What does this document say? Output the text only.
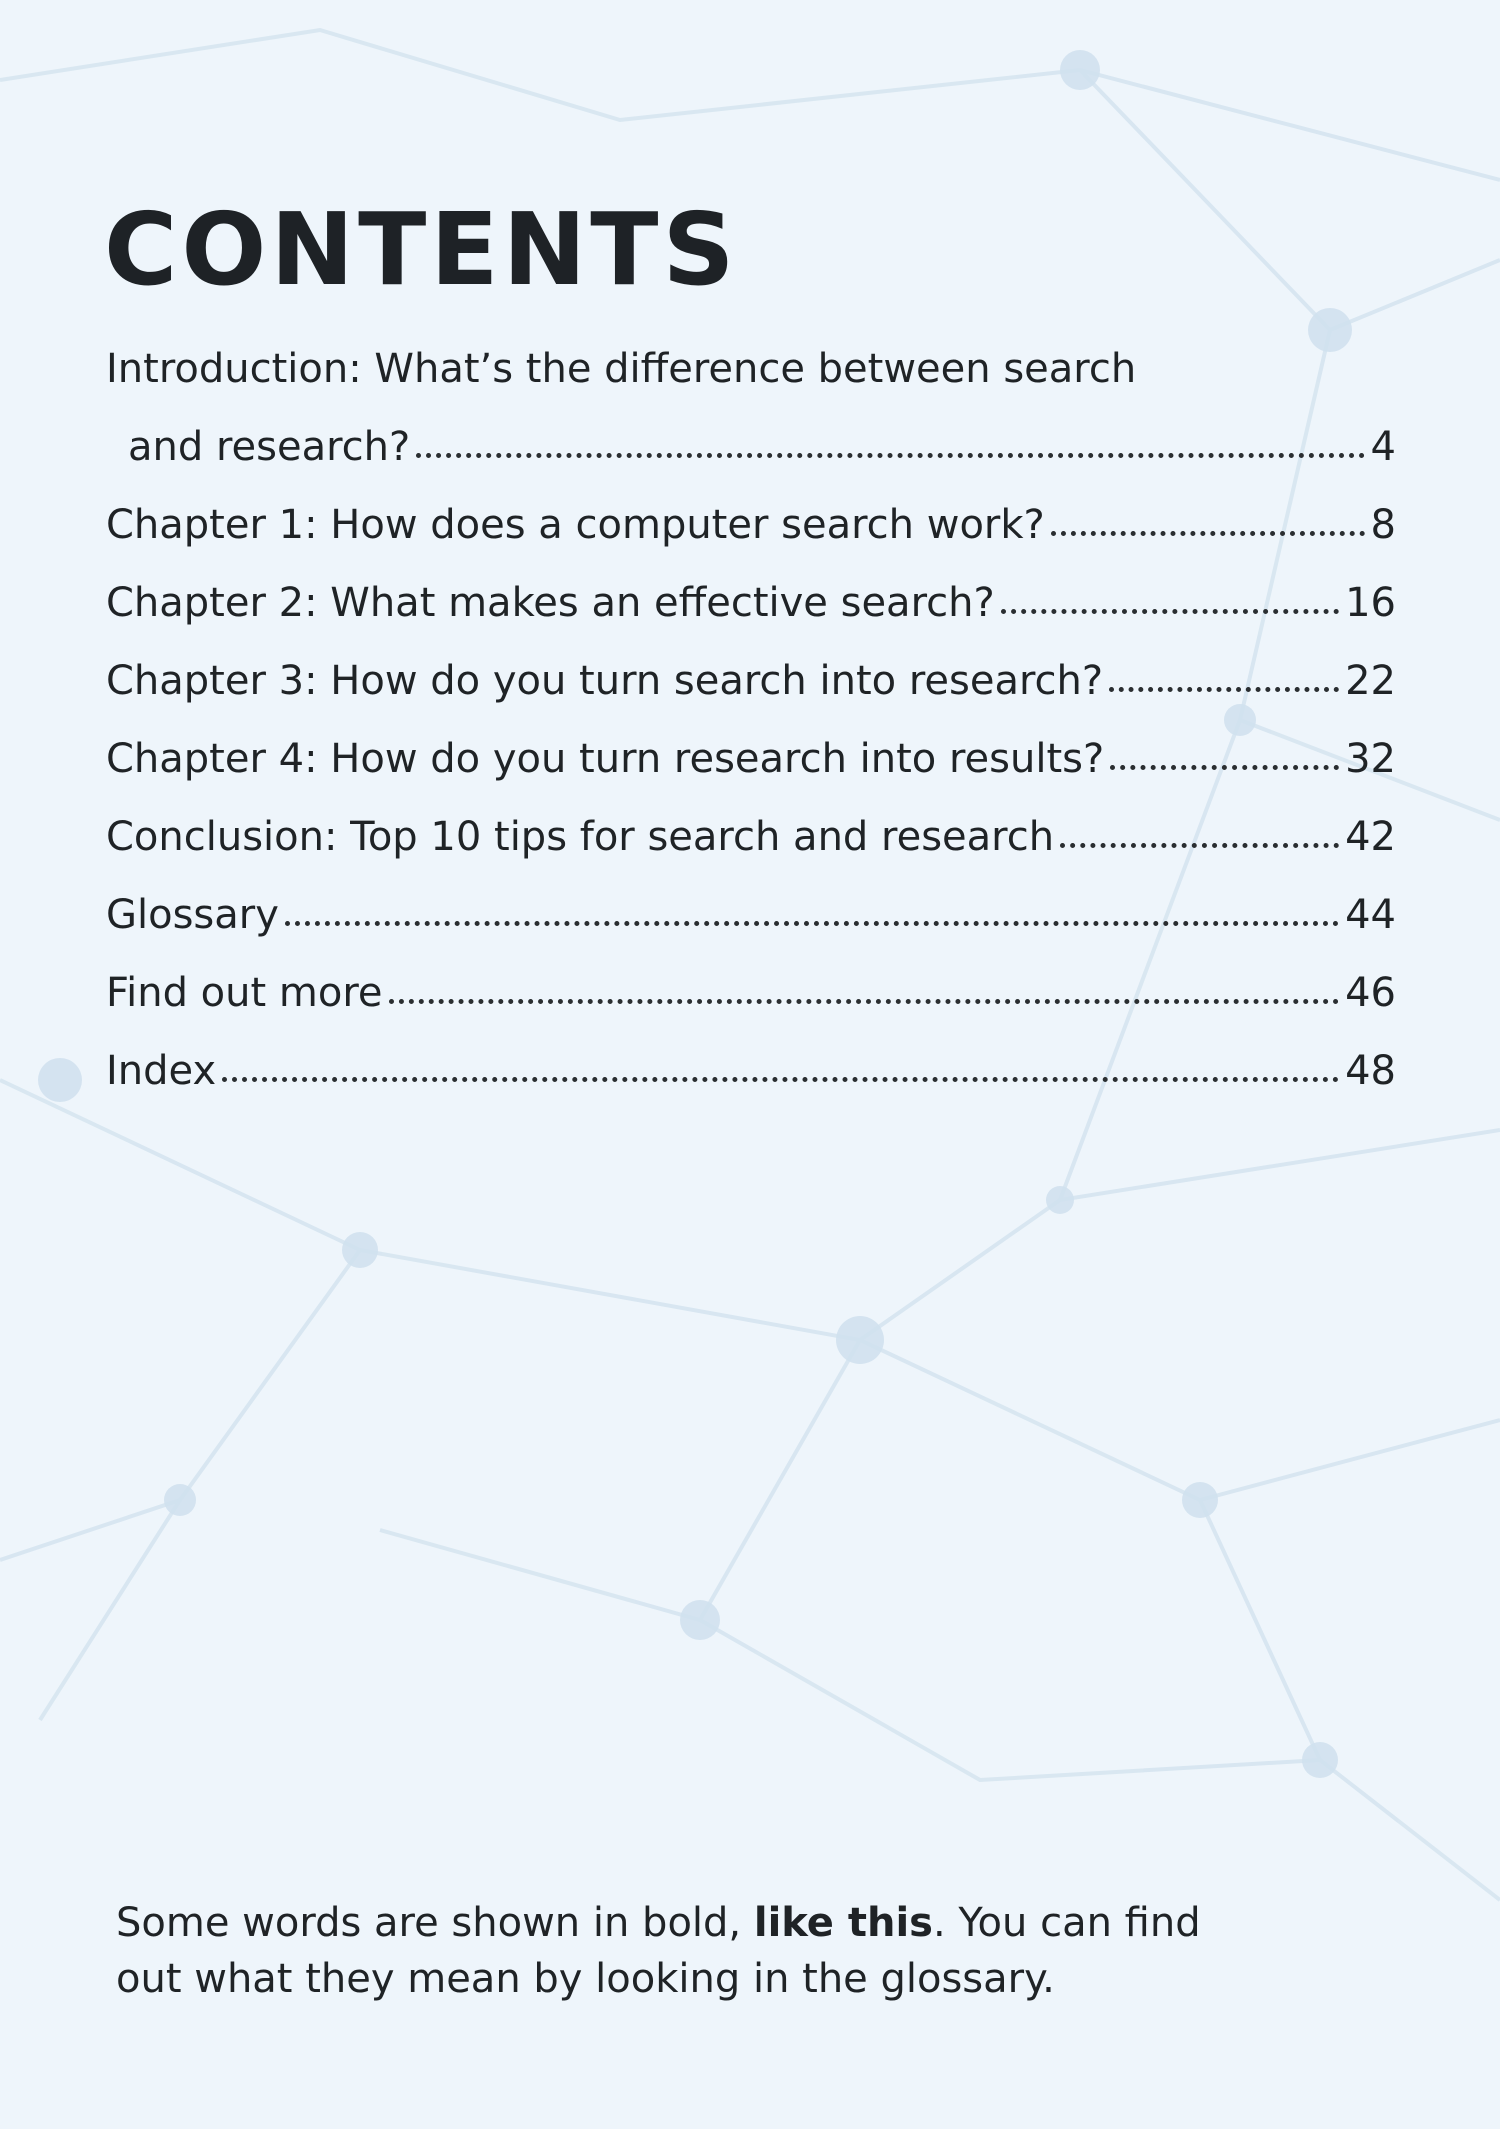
CONTENTS
Introduction: What’s the difference between search
and research?	4
Chapter 1: How does a computer search work?	8
Chapter 2: What makes an effective search?	16
Chapter 3: How do you turn search into research?	22
Chapter 4: How do you turn research into results?	32
Conclusion: Top 10 tips for search and research	42
Glossary	44
Find out more	46
Index	48
Some words are shown in bold, like this. You can find out what they mean by looking in the glossary.
